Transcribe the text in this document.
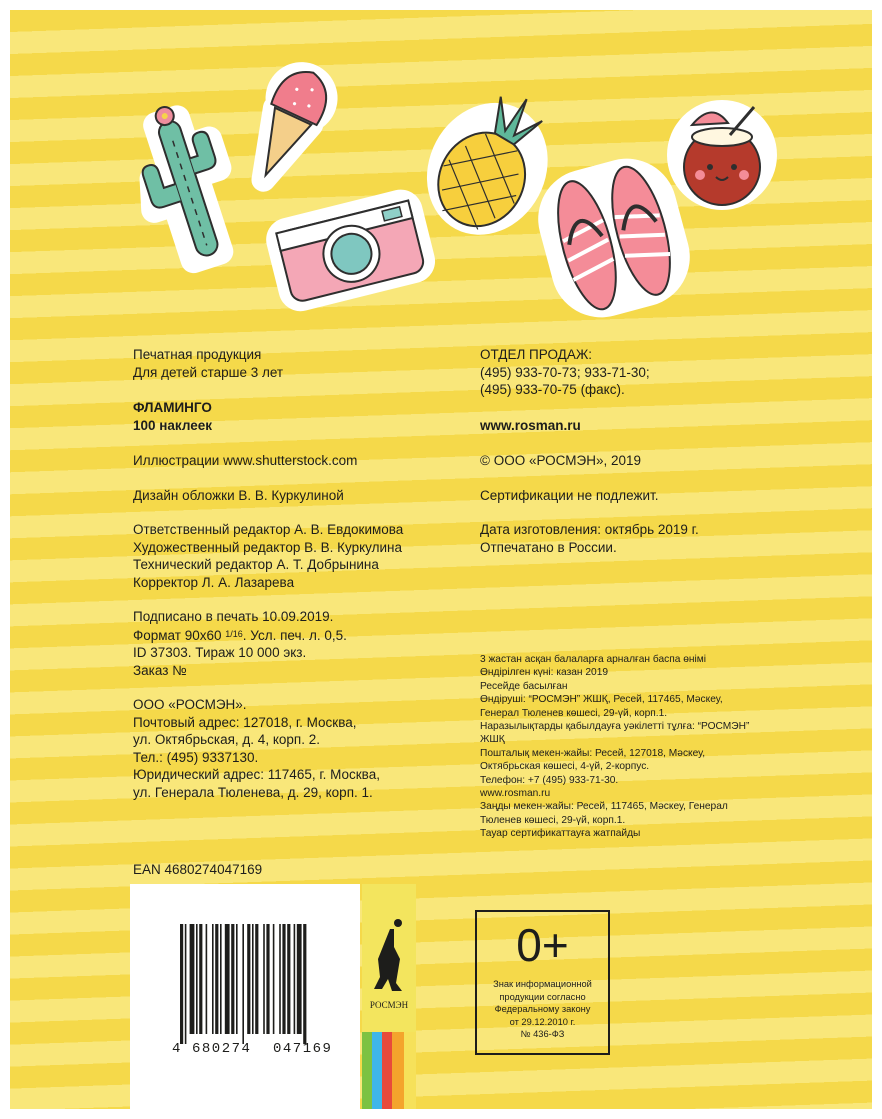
Печатная продукция
Для детей старше 3 лет
ФЛАМИНГО
100 наклеек
Иллюстрации www.shutterstock.com
Дизайн обложки В. В. Куркулиной
Ответственный редактор А. В. Евдокимова
Художественный редактор В. В. Куркулина
Технический редактор А. Т. Добрынина
Корректор Л. А. Лазарева
Подписано в печать 10.09.2019.
Формат 90х60 $^{1/16}$. Усл. печ. л. 0,5.
ID 37303. Тираж 10 000 экз.
Заказ №
ООО «РОСМЭН».
Почтовый адрес: 127018, г. Москва,
ул. Октябрьская, д. 4, корп. 2.
Тел.: (495) 9337130.
Юридический адрес: 117465, г. Москва,
ул. Генерала Тюленева, д. 29, корп. 1.
EAN 4680274047169
ОТДЕЛ ПРОДАЖ:
(495) 933-70-73; 933-71-30;
(495) 933-70-75 (факс).
www.rosman.ru
© ООО «РОСМЭН», 2019
Сертификации не подлежит.
Дата изготовления: октябрь 2019 г.
Отпечатано в России.
3 жастан асқан балаларға арналған баспа өнімі
Өндірілген күні: казан 2019
Ресейде басылған
Өндіруші: “РОСМЭН” ЖШҚ, Ресей, 117465, Мәскеу,
Генерал Тюленев көшесі, 29-үй, корп.1.
Наразылықтарды қабылдауға уәкілетті тұлға: “РОСМЭН”
ЖШҚ
Пошталық мекен-жайы: Ресей, 127018, Мәскеу,
Октябрьская көшесі, 4-үй, 2-корпус.
Телефон: +7 (495) 933-71-30.
www.rosman.ru
Заңды мекен-жайы: Ресей, 117465, Мәскеу, Генерал
Тюленев көшесі, 29-үй, корп.1.
Тауар сертификаттауға жатпайды
4 680274 047169
РОСМЭН
0+
Знак информационной
продукции согласно
Федеральному закону
от 29.12.2010 г.
№ 436-ФЗ
